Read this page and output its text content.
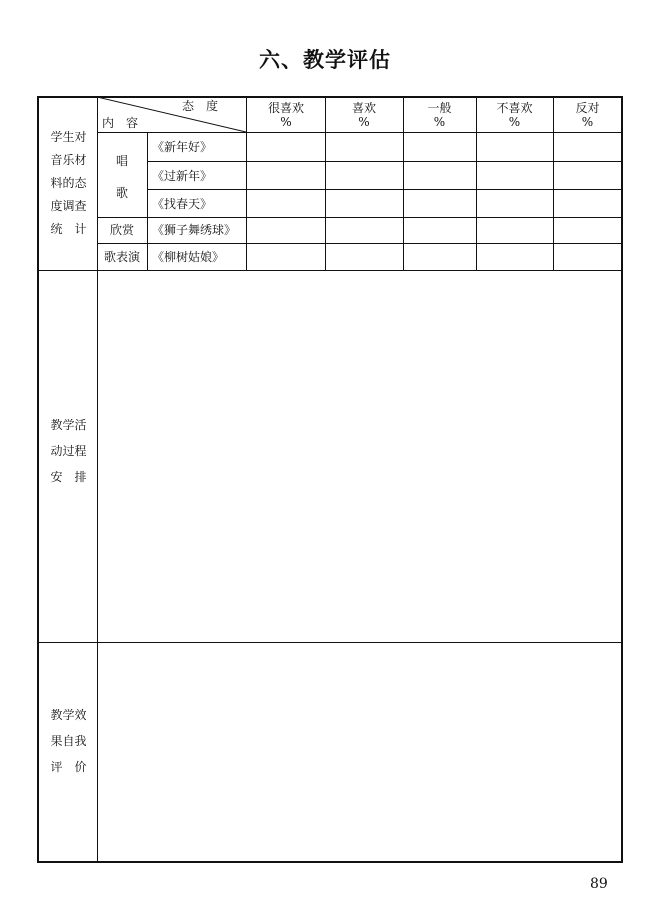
六、教学评估
态　度
内　容
很喜欢
%
喜欢
%
一般
%
不喜欢
%
反对
%
学生对
音乐材
料的态
度调查
统　计
唱
歌
欣赏
歌表演
《新年好》
《过新年》
《找春天》
《狮子舞绣球》
《柳树姑娘》
教学活
动过程
安　排
教学效
果自我
评　价
89
